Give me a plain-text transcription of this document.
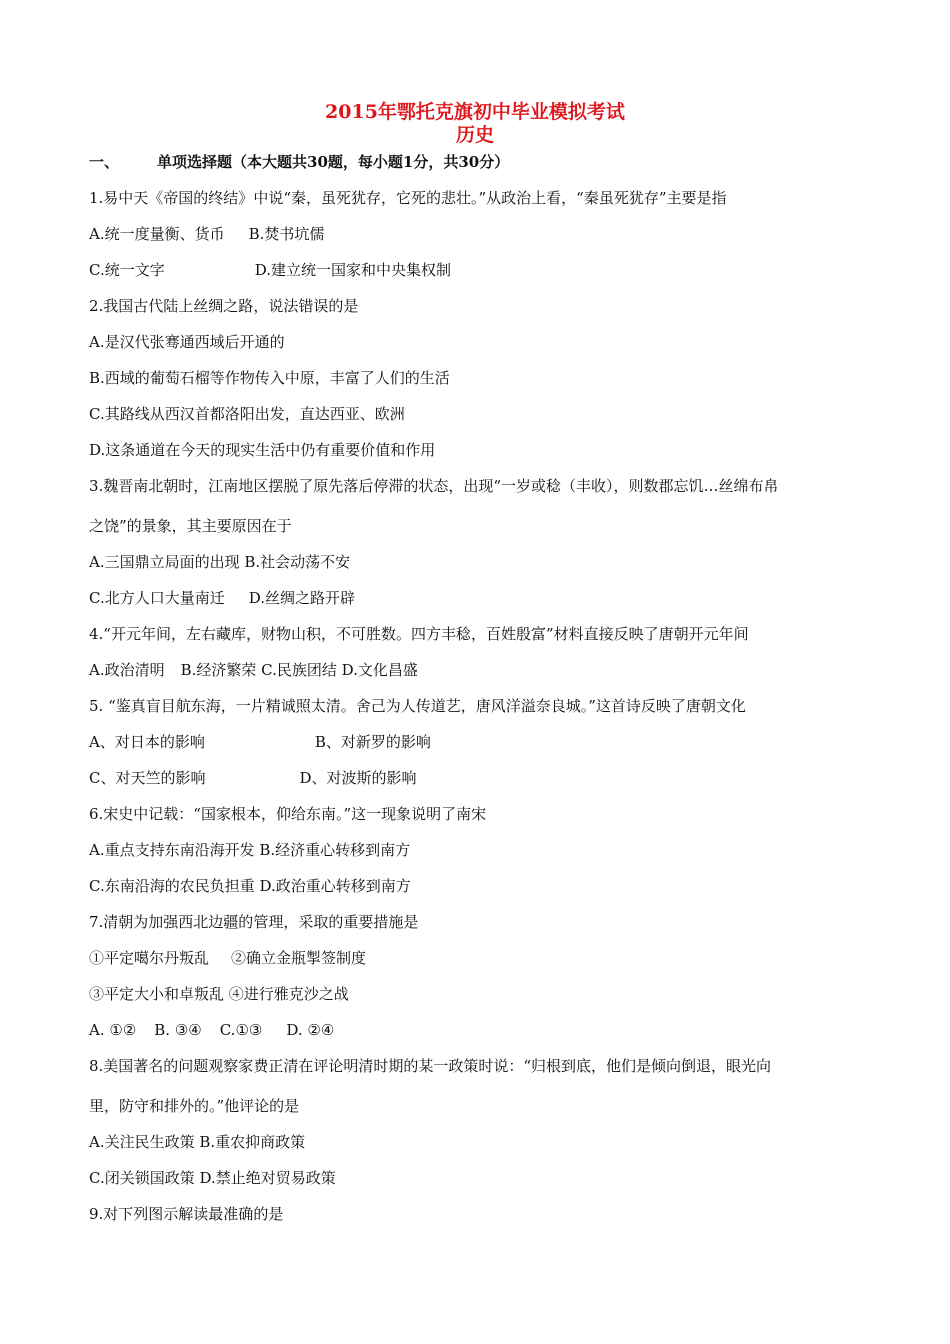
2015年鄂托克旗初中毕业模拟考试

历史

一、	单项选择题（本大题共30题，每小题1分，共30分）

1.易中天《帝国的终结》中说“秦，虽死犹存，它死的悲壮。”从政治上看，“秦虽死犹存”主要是指

A.统一度量衡、货币 B.焚书坑儒

C.统一文字	D.建立统一国家和中央集权制

2.我国古代陆上丝绸之路，说法错误的是

A.是汉代张骞通西域后开通的

B.西域的葡萄石榴等作物传入中原，丰富了人们的生活

C.其路线从西汉首都洛阳出发，直达西亚、欧洲

D.这条通道在今天的现实生活中仍有重要价值和作用

3.魏晋南北朝时，江南地区摆脱了原先落后停滞的状态，出现“一岁或稔（丰收），则数郡忘饥…丝绵布帛

之饶”的景象，其主要原因在于

A.三国鼎立局面的出现 B.社会动荡不安

C.北方人口大量南迁 D.丝绸之路开辟

4.“开元年间，左右藏库，财物山积，不可胜数。四方丰稔，百姓殷富”材料直接反映了唐朝开元年间

A.政治清明 B.经济繁荣 C.民族团结 D.文化昌盛

5. “鉴真盲目航东海，一片精诚照太清。舍己为人传道艺，唐风洋溢奈良城。”这首诗反映了唐朝文化

A、对日本的影响	B、对新罗的影响

C、对天竺的影响	D、对波斯的影响

6.宋史中记载：“国家根本，仰给东南。”这一现象说明了南宋

A.重点支持东南沿海开发 B.经济重心转移到南方

C.东南沿海的农民负担重 D.政治重心转移到南方

7.清朝为加强西北边疆的管理，采取的重要措施是

①平定噶尔丹叛乱 ②确立金瓶掣签制度

③平定大小和卓叛乱 ④进行雅克沙之战

A. ①② B. ③④ C.①③ D. ②④

8.美国著名的问题观察家费正清在评论明清时期的某一政策时说：“归根到底，他们是倾向倒退，眼光向

里，防守和排外的。”他评论的是

A.关注民生政策 B.重农抑商政策

C.闭关锁国政策 D.禁止绝对贸易政策

9.对下列图示解读最准确的是
